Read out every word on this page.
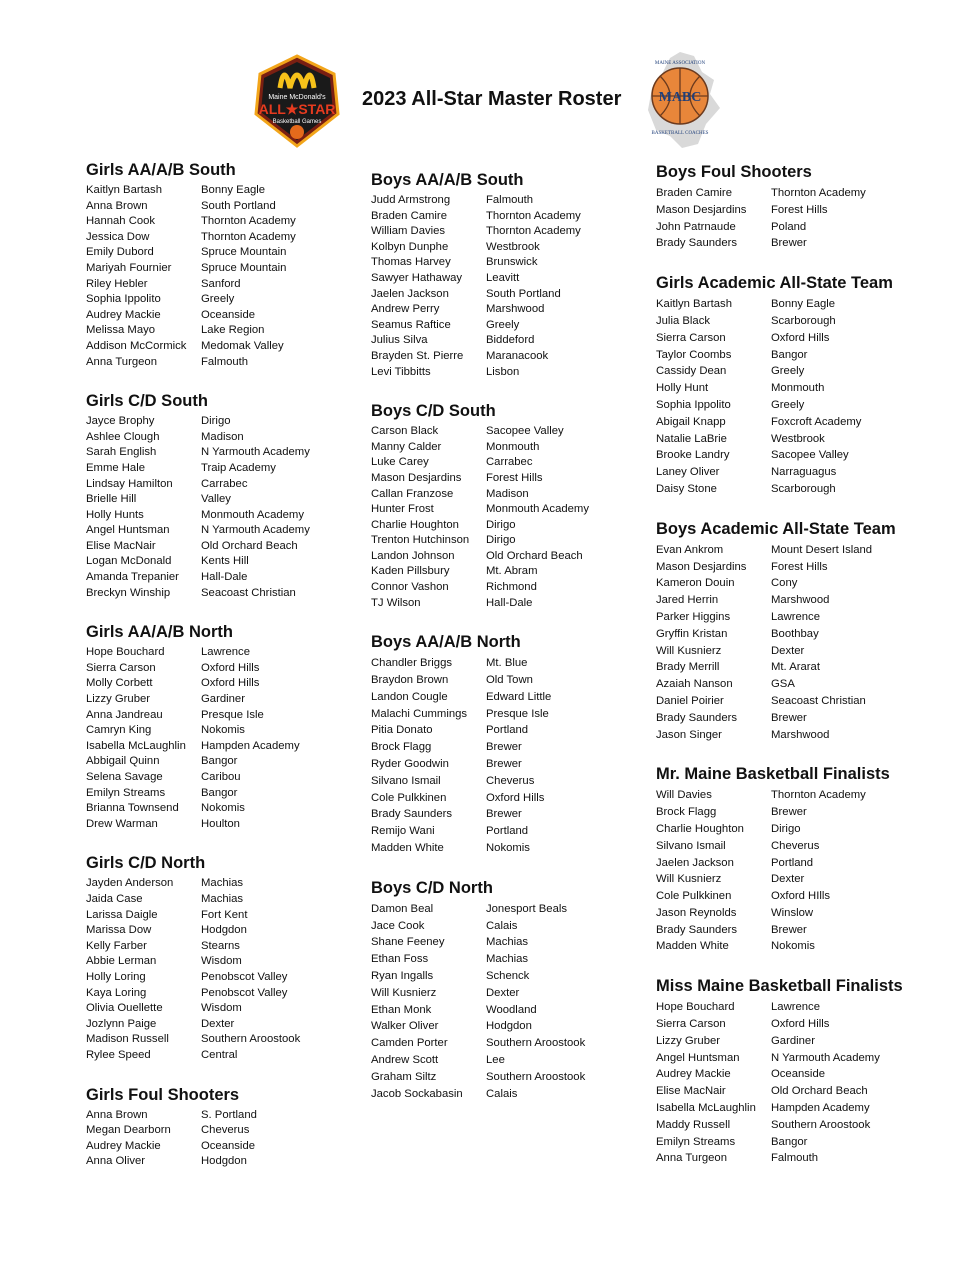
Maine McDonald's
ALL★STAR
Basketball Games
2023 All-Star Master Roster	MABC
MAINE ASSOCIATION
BASKETBALL COACHES
Girls AA/A/B South
Kaitlyn Bartash	Bonny Eagle
Anna Brown	South Portland
Hannah Cook	Thornton Academy
Jessica Dow	Thornton Academy
Emily Dubord	Spruce Mountain
Mariyah Fournier	Spruce Mountain
Riley Hebler	Sanford
Sophia Ippolito	Greely
Audrey Mackie	Oceanside
Melissa Mayo	Lake Region
Addison McCormick	Medomak Valley
Anna Turgeon	Falmouth
Girls C/D South
Jayce Brophy	Dirigo
Ashlee Clough	Madison
Sarah English	N Yarmouth Academy
Emme Hale	Traip Academy
Lindsay Hamilton	Carrabec
Brielle Hill	Valley
Holly Hunts	Monmouth Academy
Angel Huntsman	N Yarmouth Academy
Elise MacNair	Old Orchard Beach
Logan McDonald	Kents Hill
Amanda Trepanier	Hall-Dale
Breckyn Winship	Seacoast Christian
Girls AA/A/B North
Hope Bouchard	Lawrence
Sierra Carson	Oxford Hills
Molly Corbett	Oxford Hills
Lizzy Gruber	Gardiner
Anna Jandreau	Presque Isle
Camryn King	Nokomis
Isabella McLaughlin	Hampden Academy
Abbigail Quinn	Bangor
Selena Savage	Caribou
Emilyn Streams	Bangor
Brianna Townsend	Nokomis
Drew Warman	Houlton
Girls C/D North
Jayden Anderson	Machias
Jaida Case	Machias
Larissa Daigle	Fort Kent
Marissa Dow	Hodgdon
Kelly Farber	Stearns
Abbie Lerman	Wisdom
Holly Loring	Penobscot Valley
Kaya Loring	Penobscot Valley
Olivia Ouellette	Wisdom
Jozlynn Paige	Dexter
Madison Russell	Southern Aroostook
Rylee Speed	Central
Girls Foul Shooters
Anna Brown	S. Portland
Megan Dearborn	Cheverus
Audrey Mackie	Oceanside
Anna Oliver	Hodgdon
Boys AA/A/B South
Judd Armstrong	Falmouth
Braden Camire	Thornton Academy
William Davies	Thornton Academy
Kolbyn Dunphe	Westbrook
Thomas Harvey	Brunswick
Sawyer Hathaway	Leavitt
Jaelen Jackson	South Portland
Andrew Perry	Marshwood
Seamus Raftice	Greely
Julius Silva	Biddeford
Brayden St. Pierre	Maranacook
Levi Tibbitts	Lisbon
Boys C/D South
Carson Black	Sacopee Valley
Manny Calder	Monmouth
Luke Carey	Carrabec
Mason Desjardins	Forest Hills
Callan Franzose	Madison
Hunter Frost	Monmouth Academy
Charlie Houghton	Dirigo
Trenton Hutchinson	Dirigo
Landon Johnson	Old Orchard Beach
Kaden Pillsbury	Mt. Abram
Connor Vashon	Richmond
TJ Wilson	Hall-Dale
Boys AA/A/B North
Chandler Briggs	Mt. Blue
Braydon Brown	Old Town
Landon Cougle	Edward Little
Malachi Cummings	Presque Isle
Pitia Donato	Portland
Brock Flagg	Brewer
Ryder Goodwin	Brewer
Silvano Ismail	Cheverus
Cole Pulkkinen	Oxford Hills
Brady Saunders	Brewer
Remijo Wani	Portland
Madden White	Nokomis
Boys C/D North
Damon Beal	Jonesport Beals
Jace Cook	Calais
Shane Feeney	Machias
Ethan Foss	Machias
Ryan Ingalls	Schenck
Will Kusnierz	Dexter
Ethan Monk	Woodland
Walker Oliver	Hodgdon
Camden Porter	Southern Aroostook
Andrew Scott	Lee
Graham Siltz	Southern Aroostook
Jacob Sockabasin	Calais
Boys Foul Shooters
Braden Camire	Thornton Academy
Mason Desjardins	Forest Hills
John Patrnaude	Poland
Brady Saunders	Brewer
Girls Academic All-State Team
Kaitlyn Bartash	Bonny Eagle
Julia Black	Scarborough
Sierra Carson	Oxford Hills
Taylor Coombs	Bangor
Cassidy Dean	Greely
Holly Hunt	Monmouth
Sophia Ippolito	Greely
Abigail Knapp	Foxcroft Academy
Natalie LaBrie	Westbrook
Brooke Landry	Sacopee Valley
Laney Oliver	Narraguagus
Daisy Stone	Scarborough
Boys Academic All-State Team
Evan Ankrom	Mount Desert Island
Mason Desjardins	Forest Hills
Kameron Douin	Cony
Jared Herrin	Marshwood
Parker Higgins	Lawrence
Gryffin Kristan	Boothbay
Will Kusnierz	Dexter
Brady Merrill	Mt. Ararat
Azaiah Nanson	GSA
Daniel Poirier	Seacoast Christian
Brady Saunders	Brewer
Jason Singer	Marshwood
Mr. Maine Basketball Finalists
Will Davies	Thornton Academy
Brock Flagg	Brewer
Charlie Houghton	Dirigo
Silvano Ismail	Cheverus
Jaelen Jackson	Portland
Will Kusnierz	Dexter
Cole Pulkkinen	Oxford HIlls
Jason Reynolds	Winslow
Brady Saunders	Brewer
Madden White	Nokomis
Miss Maine Basketball Finalists
Hope Bouchard	Lawrence
Sierra Carson	Oxford Hills
Lizzy Gruber	Gardiner
Angel Huntsman	N Yarmouth Academy
Audrey Mackie	Oceanside
Elise MacNair	Old Orchard Beach
Isabella McLaughlin	Hampden Academy
Maddy Russell	Southern Aroostook
Emilyn Streams	Bangor
Anna Turgeon	Falmouth
